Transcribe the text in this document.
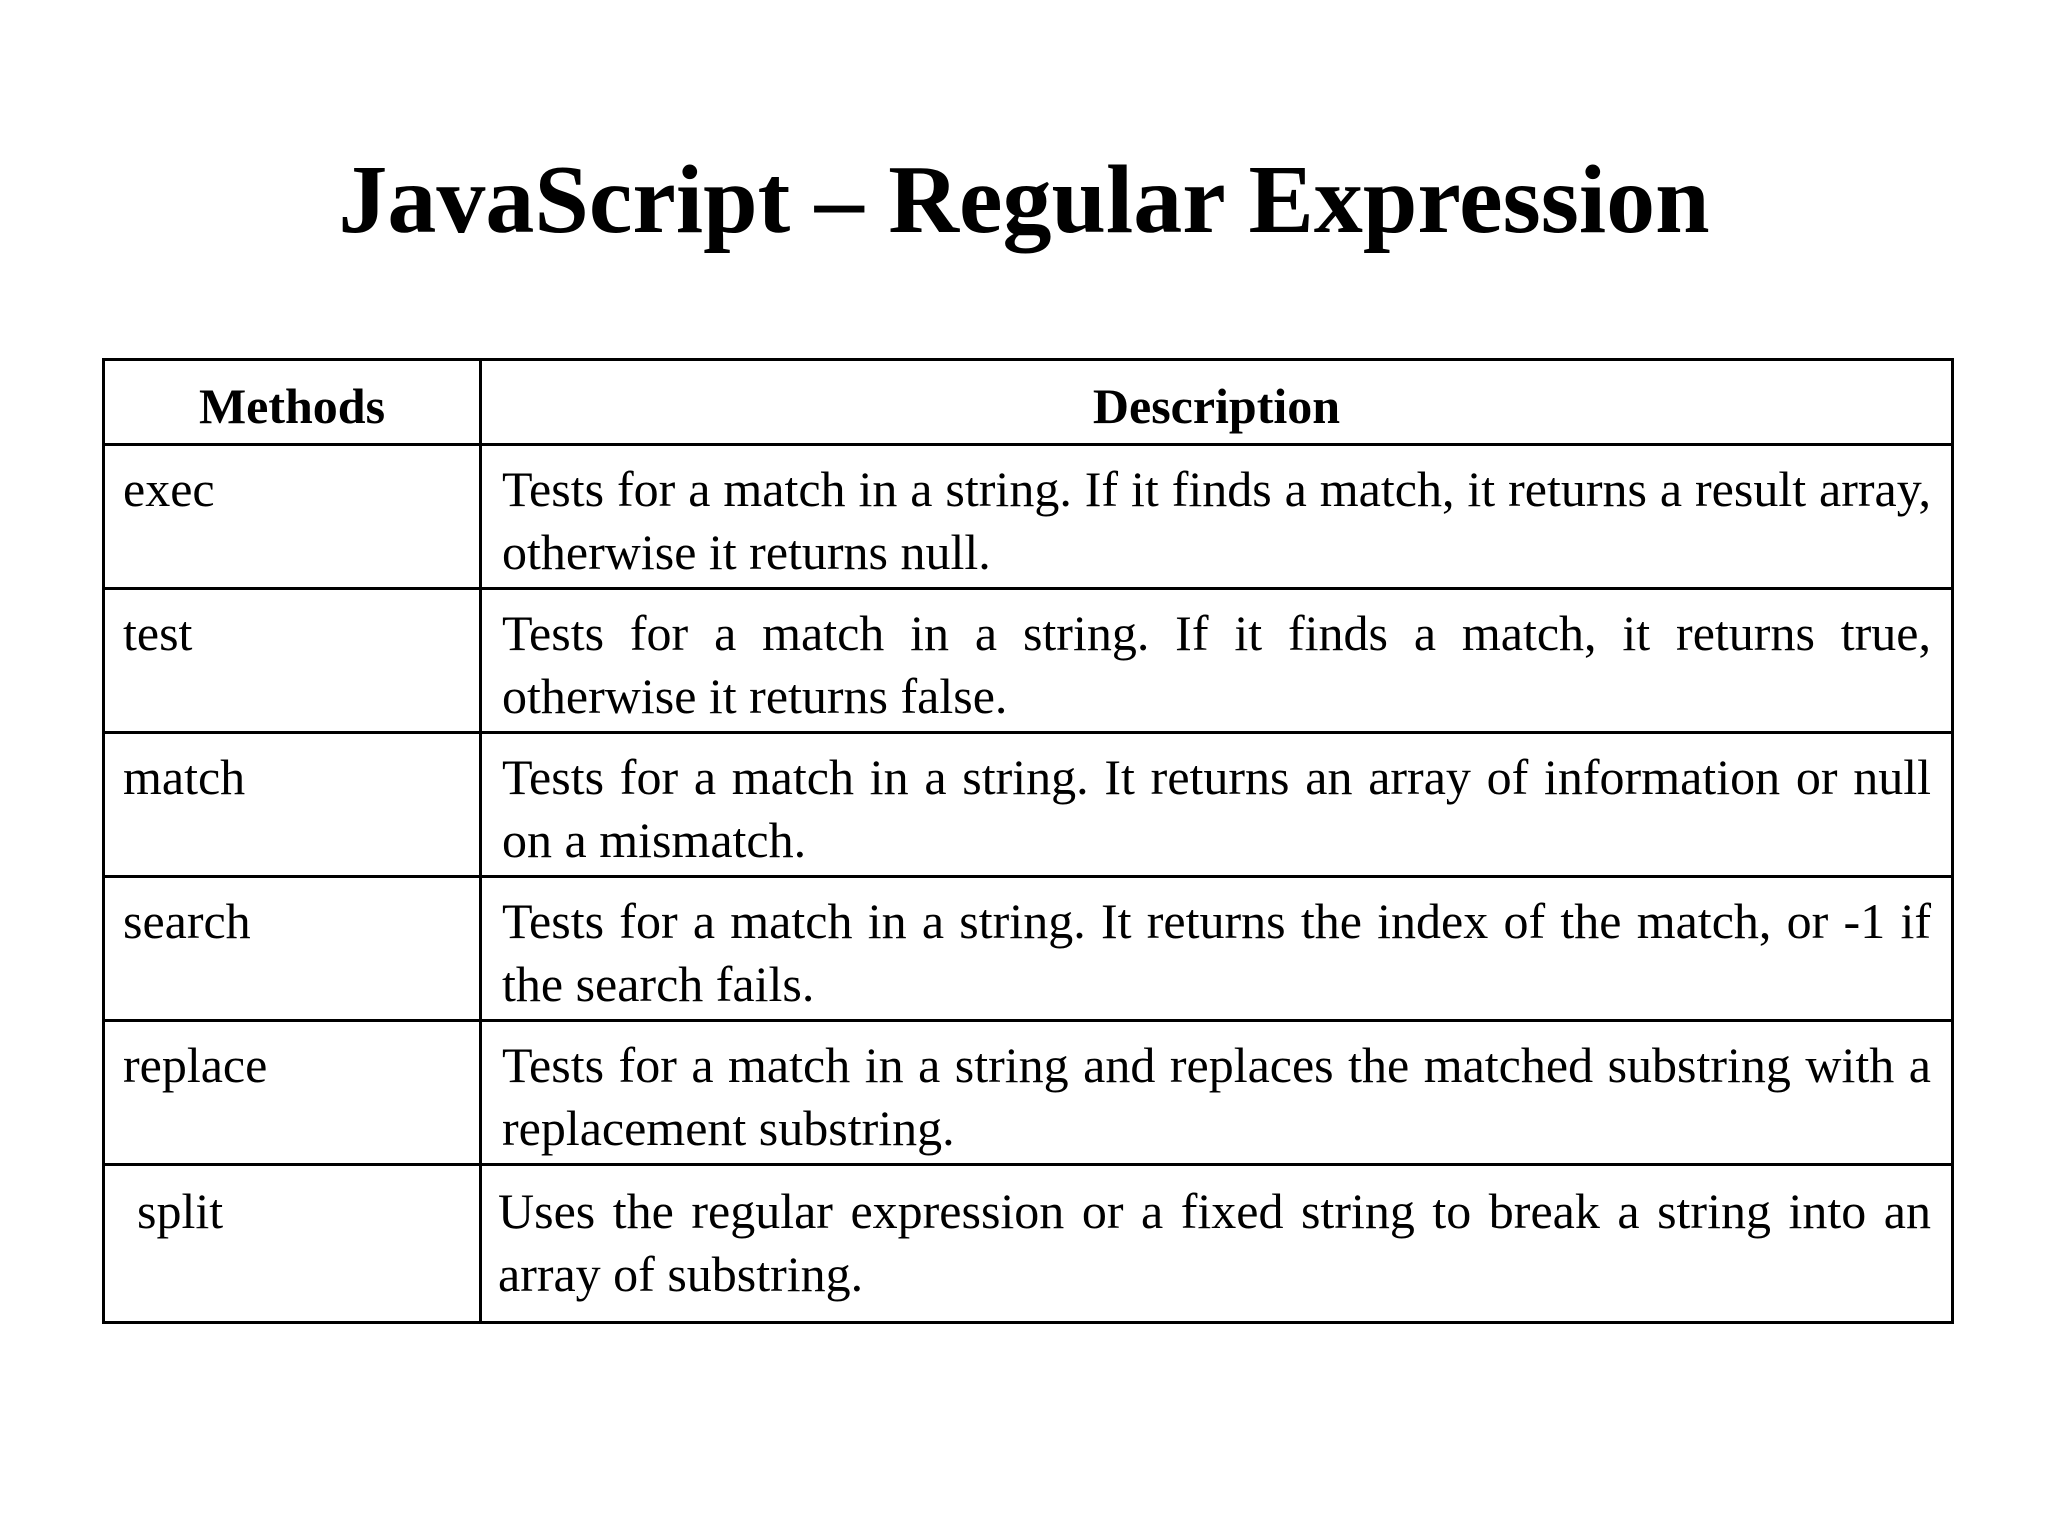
JavaScript – Regular Expression
Methods	Description
exec	Tests for a match in a string. If it finds a match, it returns a result array, otherwise it returns null.
test	Tests for a match in a string. If it finds a match, it returns true, otherwise it returns false.
match	Tests for a match in a string. It returns an array of information or null on a mismatch.
search	Tests for a match in a string. It returns the index of the match, or -1 if the search fails.
replace	Tests for a match in a string and replaces the matched substring with a replacement substring.
split	Uses the regular expression or a fixed string to break a string into an array of substring.
